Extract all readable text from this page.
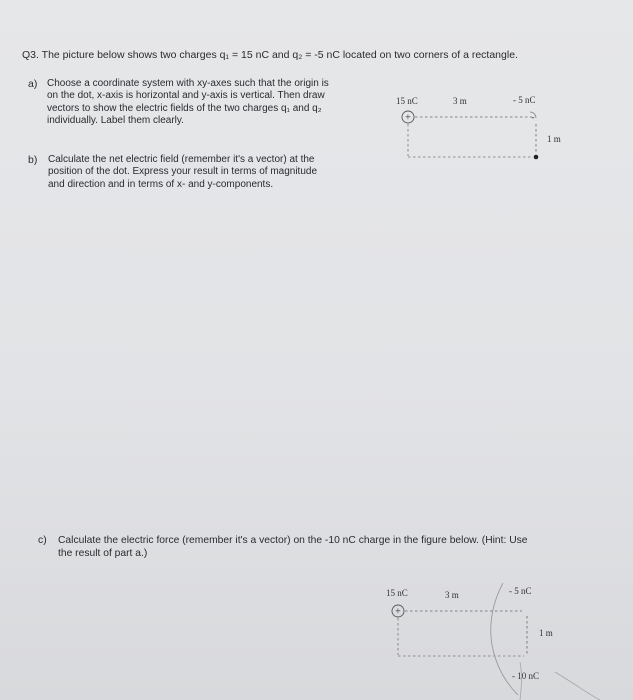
Q3. The picture below shows two charges q₁ = 15 nC and q₂ = -5 nC located on two corners of a rectangle.

a) Choose a coordinate system with xy-axes such that the origin is

on the dot, x-axis is horizontal and y-axis is vertical. Then draw

vectors to show the electric fields of the two charges q₁ and q₂

individually. Label them clearly.

b) Calculate the net electric field (remember it's a vector) at the

position of the dot. Express your result in terms of magnitude

and direction and in terms of x- and y-components.

c) Calculate the electric force (remember it's a vector) on the -10 nC charge in the figure below. (Hint: Use

the result of part a.)

15 nC	3 m	- 5 nC
+	-
1 m
15 nC	3 m	- 5 nC
+
1 m
- 10 nC
